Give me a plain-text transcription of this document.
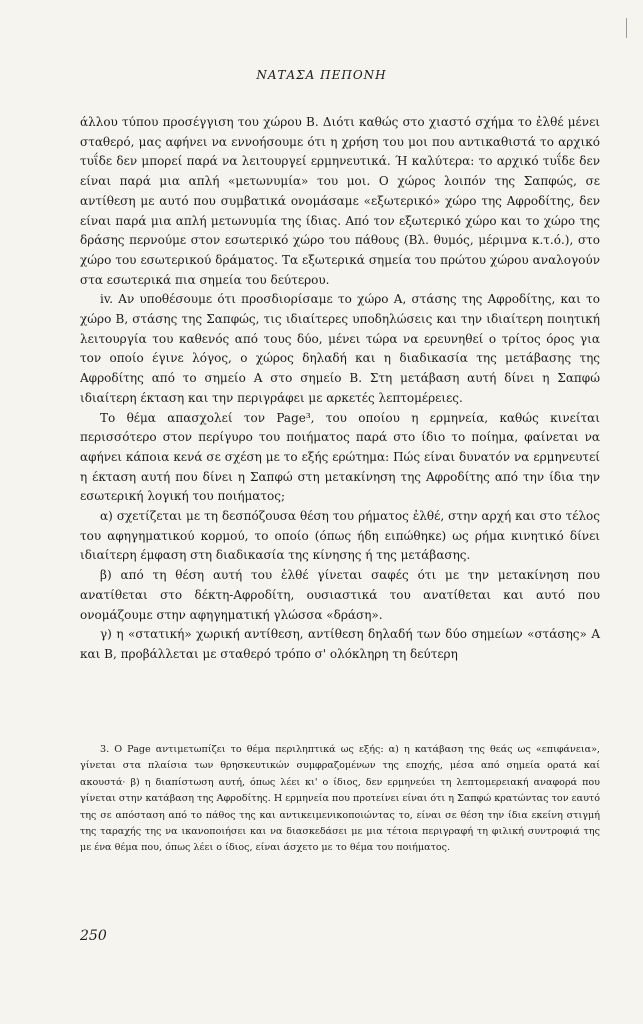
ΝΑΤΑΣΑ ΠΕΠΟΝΗ

άλλου τύπου προσέγγιση του χώρου Β. Διότι καθώς στο χιαστό σχήμα το ἐλθέ μένει σταθερό, μας αφήνει να εννοήσουμε ότι η χρήση του μοι που αντικαθιστά το αρχικό τυΐδε δεν μπορεί παρά να λειτουργεί ερμηνευτικά. Ή καλύτερα: το αρχικό τυΐδε δεν είναι παρά μια απλή «μετωνυμία» του μοι. Ο χώρος λοιπόν της Σαπφώς, σε αντίθεση με αυτό που συμβατικά ονομάσαμε «εξωτερικό» χώρο της Αφροδίτης, δεν είναι παρά μια απλή μετωνυμία της ίδιας. Από τον εξωτερικό χώρο και το χώρο της δράσης περνούμε στον εσωτερικό χώρο του πάθους (Βλ. θυμός, μέριμνα κ.τ.ό.), στο χώρο του εσωτερικού δράματος. Τα εξωτερικά σημεία του πρώτου χώρου αναλογούν στα εσωτερικά πια σημεία του δεύτερου.

iv. Αν υποθέσουμε ότι προσδιορίσαμε το χώρο Α, στάσης της Αφροδίτης, και το χώρο Β, στάσης της Σαπφώς, τις ιδιαίτερες υποδηλώσεις και την ιδιαίτερη ποιητική λειτουργία του καθενός από τους δύο, μένει τώρα να ερευνηθεί ο τρίτος όρος για τον οποίο έγινε λόγος, ο χώρος δηλαδή και η διαδικασία της μετάβασης της Αφροδίτης από το σημείο Α στο σημείο Β. Στη μετάβαση αυτή δίνει η Σαπφώ ιδιαίτερη έκταση και την περιγράφει με αρκετές λεπτομέρειες.

Το θέμα απασχολεί τον Page³, του οποίου η ερμηνεία, καθώς κινείται περισσότερο στον περίγυρο του ποιήματος παρά στο ίδιο το ποίημα, φαίνεται να αφήνει κάποια κενά σε σχέση με το εξής ερώτημα: Πώς είναι δυνατόν να ερμηνευτεί η έκταση αυτή που δίνει η Σαπφώ στη μετακίνηση της Αφροδίτης από την ίδια την εσωτερική λογική του ποιήματος;

α) σχετίζεται με τη δεσπόζουσα θέση του ρήματος ἐλθέ, στην αρχή και στο τέλος του αφηγηματικού κορμού, το οποίο (όπως ήδη ειπώθηκε) ως ρήμα κινητικό δίνει ιδιαίτερη έμφαση στη διαδικασία της κίνησης ή της μετάβασης.

β) από τη θέση αυτή του ἐλθέ γίνεται σαφές ότι με την μετακίνηση που ανατίθεται στο δέκτη-Αφροδίτη, ουσιαστικά του ανατίθεται και αυτό που ονομάζουμε στην αφηγηματική γλώσσα «δράση».

γ) η «στατική» χωρική αντίθεση, αντίθεση δηλαδή των δύο σημείων «στάσης» Α και Β, προβάλλεται με σταθερό τρόπο σ' ολόκληρη τη δεύτερη

3. Ο Page αντιμετωπίζει το θέμα περιληπτικά ως εξής: α) η κατάβαση της θεάς ως «επιφάνεια», γίνεται στα πλαίσια των θρησκευτικών συμφραζομένων της εποχής, μέσα από σημεία ορατά καί ακουστά· β) η διαπίστωση αυτή, όπως λέει κι' ο ίδιος, δεν ερμηνεύει τη λεπτομερειακή αναφορά που γίνεται στην κατάβαση της Αφροδίτης. Η ερμηνεία που προτείνει είναι ότι η Σαπφώ κρατώντας τον εαυτό της σε απόσταση από το πάθος της και αντικειμενικοποιώντας το, είναι σε θέση την ίδια εκείνη στιγμή της ταραχής της να ικανοποιήσει και να διασκεδάσει με μια τέτοια περιγραφή τη φιλική συντροφιά της με ένα θέμα που, όπως λέει ο ίδιος, είναι άσχετο με το θέμα του ποιήματος.

250
